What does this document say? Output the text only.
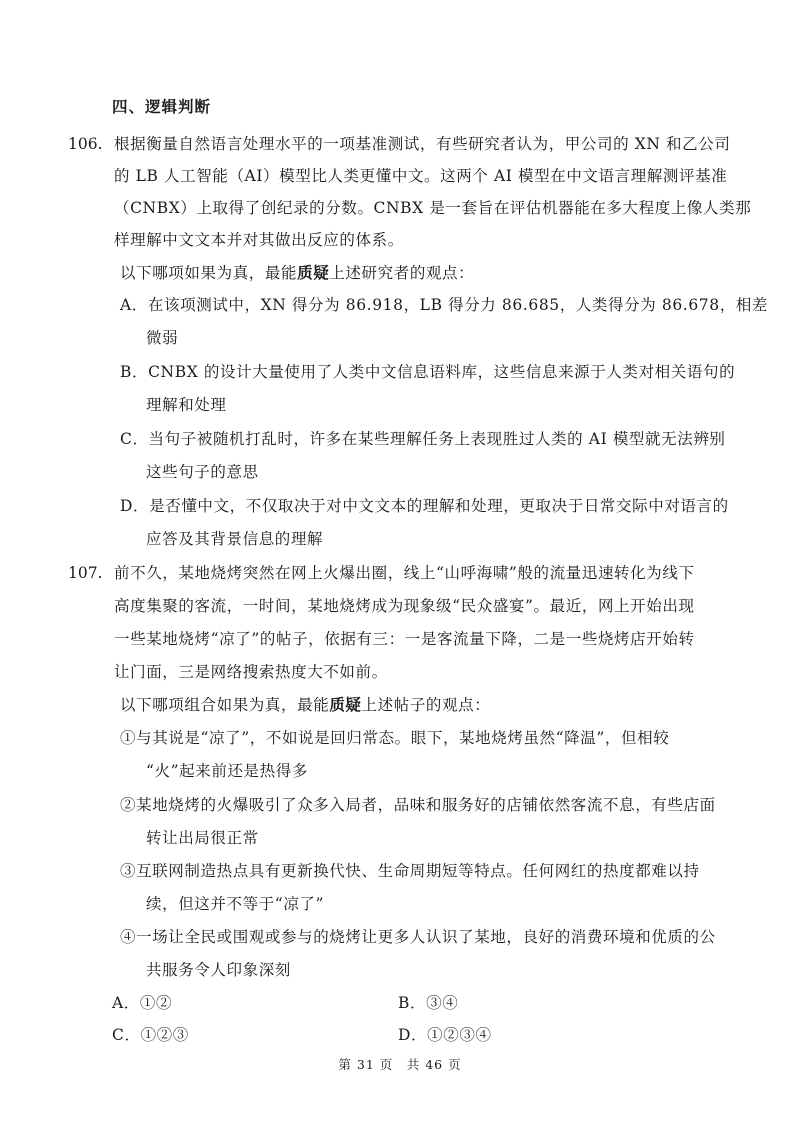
四、逻辑判断
106. 根据衡量自然语言处理水平的一项基准测试，有些研究者认为，甲公司的 XN 和乙公司
的 LB 人工智能（AI）模型比人类更懂中文。这两个 AI 模型在中文语言理解测评基准
（CNBX）上取得了创纪录的分数。CNBX 是一套旨在评估机器能在多大程度上像人类那
样理解中文文本并对其做出反应的体系。
以下哪项如果为真，最能质疑上述研究者的观点：
A．在该项测试中，XN 得分为 86.918，LB 得分力 86.685，人类得分为 86.678，相差
微弱
B．CNBX 的设计大量使用了人类中文信息语料库，这些信息来源于人类对相关语句的
理解和处理
C．当句子被随机打乱时，许多在某些理解任务上表现胜过人类的 AI 模型就无法辨别
这些句子的意思
D．是否懂中文，不仅取决于对中文文本的理解和处理，更取决于日常交际中对语言的
应答及其背景信息的理解
107. 前不久，某地烧烤突然在网上火爆出圈，线上“山呼海啸”般的流量迅速转化为线下
高度集聚的客流，一时间，某地烧烤成为现象级“民众盛宴”。最近，网上开始出现
一些某地烧烤“凉了”的帖子，依据有三：一是客流量下降，二是一些烧烤店开始转
让门面，三是网络搜索热度大不如前。
以下哪项组合如果为真，最能质疑上述帖子的观点：
①与其说是“凉了”，不如说是回归常态。眼下，某地烧烤虽然“降温”，但相较
“火”起来前还是热得多
②某地烧烤的火爆吸引了众多入局者，品味和服务好的店铺依然客流不息，有些店面
转让出局很正常
③互联网制造热点具有更新换代快、生命周期短等特点。任何网红的热度都难以持
续，但这并不等于“凉了”
④一场让全民或围观或参与的烧烤让更多人认识了某地，良好的消费环境和优质的公
共服务令人印象深刻
A．①②	B．③④
C．①②③	D．①②③④
第 31 页　共 46 页
